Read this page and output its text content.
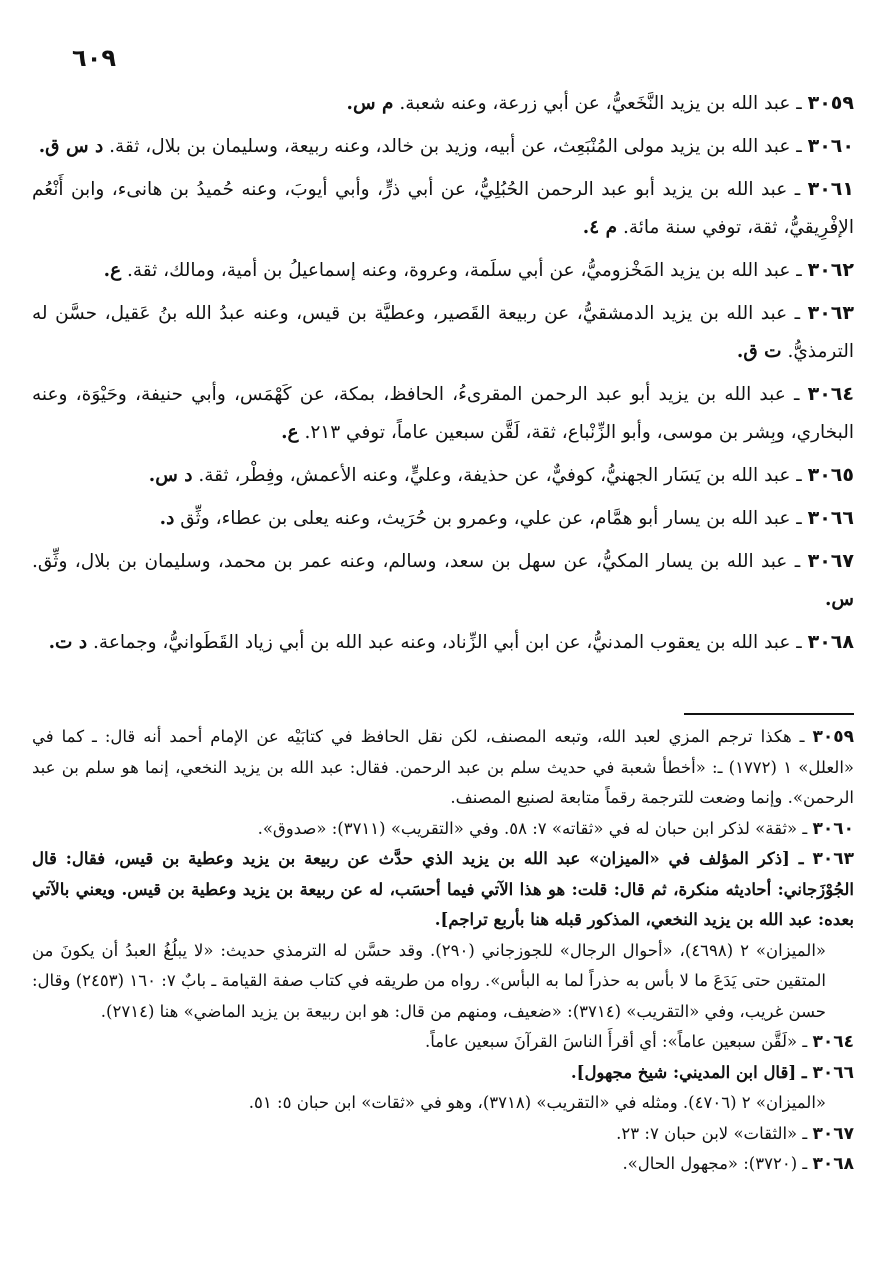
٦٠٩

٣٠٥٩ ـ عبد الله بن يزيد النَّخَعيُّ، عن أبي زرعة، وعنه شعبة. م س.

٣٠٦٠ ـ عبد الله بن يزيد مولى المُنْبَعِث، عن أبيه، وزيد بن خالد، وعنه ربيعة، وسليمان بن بلال، ثقة. د س ق.

٣٠٦١ ـ عبد الله بن يزيد أبو عبد الرحمن الحُبُلِيُّ، عن أبي ذرٍّ، وأبي أيوبَ، وعنه حُميدُ بن هانىء، وابن أَنْعُم الإفْرِيقيُّ، ثقة، توفي سنة مائة. م ٤.

٣٠٦٢ ـ عبد الله بن يزيد المَخْزوميُّ، عن أبي سلَمة، وعروة، وعنه إسماعيلُ بن أمية، ومالك، ثقة. ع.

٣٠٦٣ ـ عبد الله بن يزيد الدمشقيُّ، عن ربيعة القَصير، وعطيَّة بن قيس، وعنه عبدُ الله بنُ عَقيل، حسَّن له الترمذيُّ. ت ق.

٣٠٦٤ ـ عبد الله بن يزيد أبو عبد الرحمن المقرىءُ، الحافظ، بمكة، عن كَهْمَس، وأبي حنيفة، وحَيْوَة، وعنه البخاري، وبِشر بن موسى، وأبو الزِّنْباع، ثقة، لَقَّن سبعين عاماً، توفي ٢١٣. ع.

٣٠٦٥ ـ عبد الله بن يَسَار الجهنيُّ، كوفيٌّ، عن حذيفة، وعليٍّ، وعنه الأعمش، وفِطْر، ثقة. د س.

٣٠٦٦ ـ عبد الله بن يسار أبو همَّام، عن علي، وعمرو بن حُرَيث، وعنه يعلى بن عطاء، وثِّق د.

٣٠٦٧ ـ عبد الله بن يسار المكيُّ، عن سهل بن سعد، وسالم، وعنه عمر بن محمد، وسليمان بن بلال، وثِّق. س.

٣٠٦٨ ـ عبد الله بن يعقوب المدنيُّ، عن ابن أبي الزِّناد، وعنه عبد الله بن أبي زياد القَطَوانيُّ، وجماعة. د ت.

٣٠٥٩ ـ هكذا ترجم المزي لعبد الله، وتبعه المصنف، لكن نقل الحافظ في كتابَيْه عن الإمام أحمد أنه قال: ـ كما في «العلل» ١ (١٧٧٢) ـ: «أخطأ شعبة في حديث سلم بن عبد الرحمن. فقال: عبد الله بن يزيد النخعي، إنما هو سلم بن عبد الرحمن». وإنما وضعت للترجمة رقماً متابعة لصنيع المصنف.

٣٠٦٠ ـ «ثقة» لذكر ابن حبان له في «ثقاته» ٧: ٥٨. وفي «التقريب» (٣٧١١): «صدوق».

٣٠٦٣ ـ [ذكر المؤلف في «الميزان» عبد الله بن يزيد الذي حدَّث عن ربيعة بن يزيد وعطية بن قيس، فقال: قال الجُوْزَجاني: أحاديثه منكرة، ثم قال: قلت: هو هذا الآتي فيما أحسَب، له عن ربيعة بن يزيد وعطية بن قيس. ويعني بالآتي بعده: عبد الله بن يزيد النخعي، المذكور قبله هنا بأربع تراجم].

«الميزان» ٢ (٤٦٩٨)، «أحوال الرجال» للجوزجاني (٢٩٠). وقد حسَّن له الترمذي حديث: «لا يبلُغُ العبدُ أن يكونَ من المتقين حتى يَدَعَ ما لا بأس به حذراً لما به البأس». رواه من طريقه في كتاب صفة القيامة ـ بابٌ ٧: ١٦٠ (٢٤٥٣) وقال: حسن غريب، وفي «التقريب» (٣٧١٤): «ضعيف، ومنهم من قال: هو ابن ربيعة بن يزيد الماضي» هنا (٢٧١٤).

٣٠٦٤ ـ «لَقَّن سبعين عاماً»: أي أقرأَ الناسَ القرآنَ سبعين عاماً.

٣٠٦٦ ـ [قال ابن المديني: شيخ مجهول].

«الميزان» ٢ (٤٧٠٦). ومثله في «التقريب» (٣٧١٨)، وهو في «ثقات» ابن حبان ٥: ٥١.

٣٠٦٧ ـ «الثقات» لابن حبان ٧: ٢٣.

٣٠٦٨ ـ (٣٧٢٠): «مجهول الحال».
